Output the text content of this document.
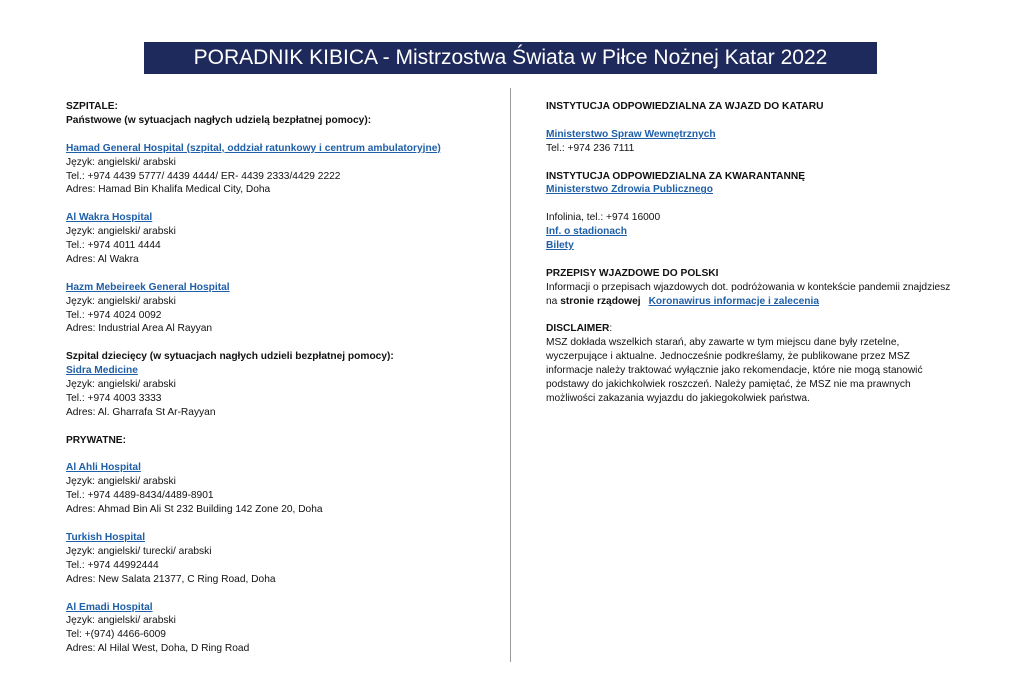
PORADNIK KIBICA - Mistrzostwa Świata w Piłce Nożnej Katar 2022
SZPITALE:
Państwowe (w sytuacjach nagłych udzielą bezpłatnej pomocy):
Hamad General Hospital (szpital, oddział ratunkowy i centrum ambulatoryjne)
Język: angielski/ arabski
Tel.: +974 4439 5777/ 4439 4444/ ER- 4439 2333/4429 2222
Adres: Hamad Bin Khalifa Medical City, Doha
Al Wakra Hospital
Język: angielski/ arabski
Tel.: +974 4011 4444
Adres: Al Wakra
Hazm Mebeireek General Hospital
Język: angielski/ arabski
Tel.: +974 4024 0092
Adres: Industrial Area Al Rayyan
Szpital dziecięcy (w sytuacjach nagłych udzieli bezpłatnej pomocy):
Sidra Medicine
Język: angielski/ arabski
Tel.: +974 4003 3333
Adres: Al. Gharrafa St Ar-Rayyan
PRYWATNE:
Al Ahli Hospital
Język: angielski/ arabski
Tel.: +974 4489-8434/4489-8901
Adres: Ahmad Bin Ali St 232 Building 142 Zone 20, Doha
Turkish Hospital
Język: angielski/ turecki/ arabski
Tel.: +974 44992444
Adres: New Salata 21377, C Ring Road, Doha
Al Emadi Hospital
Język: angielski/ arabski
Tel: +(974) 4466-6009
Adres: Al Hilal West, Doha, D Ring Road
INSTYTUCJA ODPOWIEDZIALNA ZA WJAZD DO KATARU
Ministerstwo Spraw Wewnętrznych
Tel.: +974 236 7111
INSTYTUCJA ODPOWIEDZIALNA ZA KWARANTANNĘ
Ministerstwo Zdrowia Publicznego
Infolinia, tel.: +974 16000
Inf. o stadionach
Bilety
PRZEPISY WJAZDOWE DO POLSKI
Informacji o przepisach wjazdowych dot. podróżowania w kontekście pandemii znajdziesz
na stronie rządowej Koronawirus informacje i zalecenia
DISCLAIMER:
MSZ dokłada wszelkich starań, aby zawarte w tym miejscu dane były rzetelne,
wyczerpujące i aktualne. Jednocześnie podkreślamy, że publikowane przez MSZ
informacje należy traktować wyłącznie jako rekomendacje, które nie mogą stanowić
podstawy do jakichkolwiek roszczeń. Należy pamiętać, że MSZ nie ma prawnych
możliwości zakazania wyjazdu do jakiegokolwiek państwa.
